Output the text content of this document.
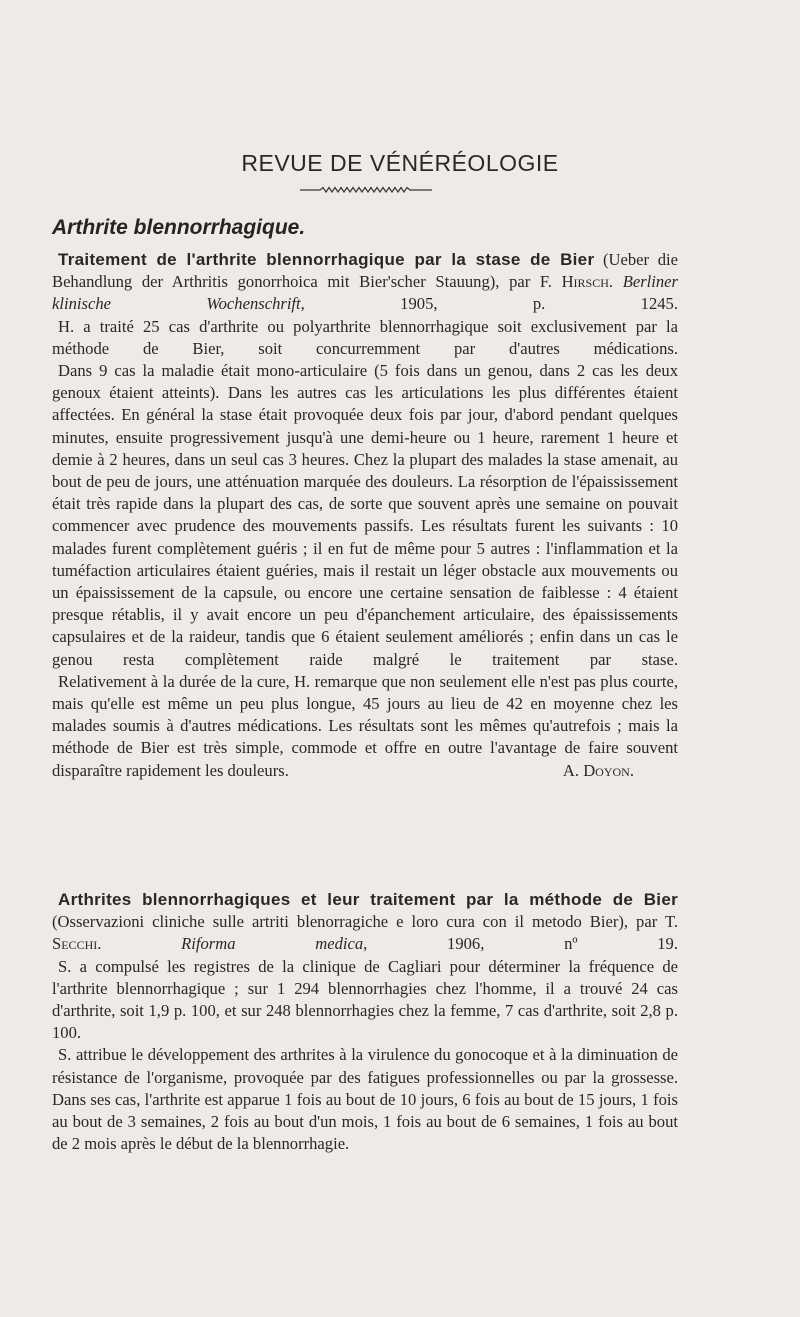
REVUE DE VÉNÉRÉOLOGIE
Arthrite blennorrhagique.

Traitement de l'arthrite blennorrhagique par la stase de Bier (Ueber die Behandlung der Arthritis gonorrhoica mit Bier'scher Stauung), par F. Hirsch. Berliner klinische Wochenschrift, 1905, p. 1245.

H. a traité 25 cas d'arthrite ou polyarthrite blennorrhagique soit exclusivement par la méthode de Bier, soit concurremment par d'autres médications.

Dans 9 cas la maladie était mono-articulaire (5 fois dans un genou, dans 2 cas les deux genoux étaient atteints). Dans les autres cas les articulations les plus différentes étaient affectées. En général la stase était provoquée deux fois par jour, d'abord pendant quelques minutes, ensuite progressivement jusqu'à une demi-heure ou 1 heure, rarement 1 heure et demie à 2 heures, dans un seul cas 3 heures. Chez la plupart des malades la stase amenait, au bout de peu de jours, une atténuation marquée des douleurs. La résorption de l'épaississement était très rapide dans la plupart des cas, de sorte que souvent après une semaine on pouvait commencer avec prudence des mouvements passifs. Les résultats furent les suivants : 10 malades furent complètement guéris ; il en fut de même pour 5 autres : l'inflammation et la tuméfaction articulaires étaient guéries, mais il restait un léger obstacle aux mouvements ou un épaississement de la capsule, ou encore une certaine sensation de faiblesse : 4 étaient presque rétablis, il y avait encore un peu d'épanchement articulaire, des épaississements capsulaires et de la raideur, tandis que 6 étaient seulement améliorés ; enfin dans un cas le genou resta complètement raide malgré le traitement par stase.

Relativement à la durée de la cure, H. remarque que non seulement elle n'est pas plus courte, mais qu'elle est même un peu plus longue, 45 jours au lieu de 42 en moyenne chez les malades soumis à d'autres médications. Les résultats sont les mêmes qu'autrefois ; mais la méthode de Bier est très simple, commode et offre en outre l'avantage de faire souvent disparaître rapidement les douleurs.	A. Doyon.

Arthrites blennorrhagiques et leur traitement par la méthode de Bier (Osservazioni cliniche sulle artriti blenorragiche e loro cura con il metodo Bier), par T. Secchi. Riforma medica, 1906, nº 19.

S. a compulsé les registres de la clinique de Cagliari pour déterminer la fréquence de l'arthrite blennorrhagique ; sur 1 294 blennorrhagies chez l'homme, il a trouvé 24 cas d'arthrite, soit 1,9 p. 100, et sur 248 blennorrhagies chez la femme, 7 cas d'arthrite, soit 2,8 p. 100.

S. attribue le développement des arthrites à la virulence du gonocoque et à la diminuation de résistance de l'organisme, provoquée par des fatigues professionnelles ou par la grossesse. Dans ses cas, l'arthrite est apparue 1 fois au bout de 10 jours, 6 fois au bout de 15 jours, 1 fois au bout de 3 semaines, 2 fois au bout d'un mois, 1 fois au bout de 6 semaines, 1 fois au bout de 2 mois après le début de la blennorrhagie.
